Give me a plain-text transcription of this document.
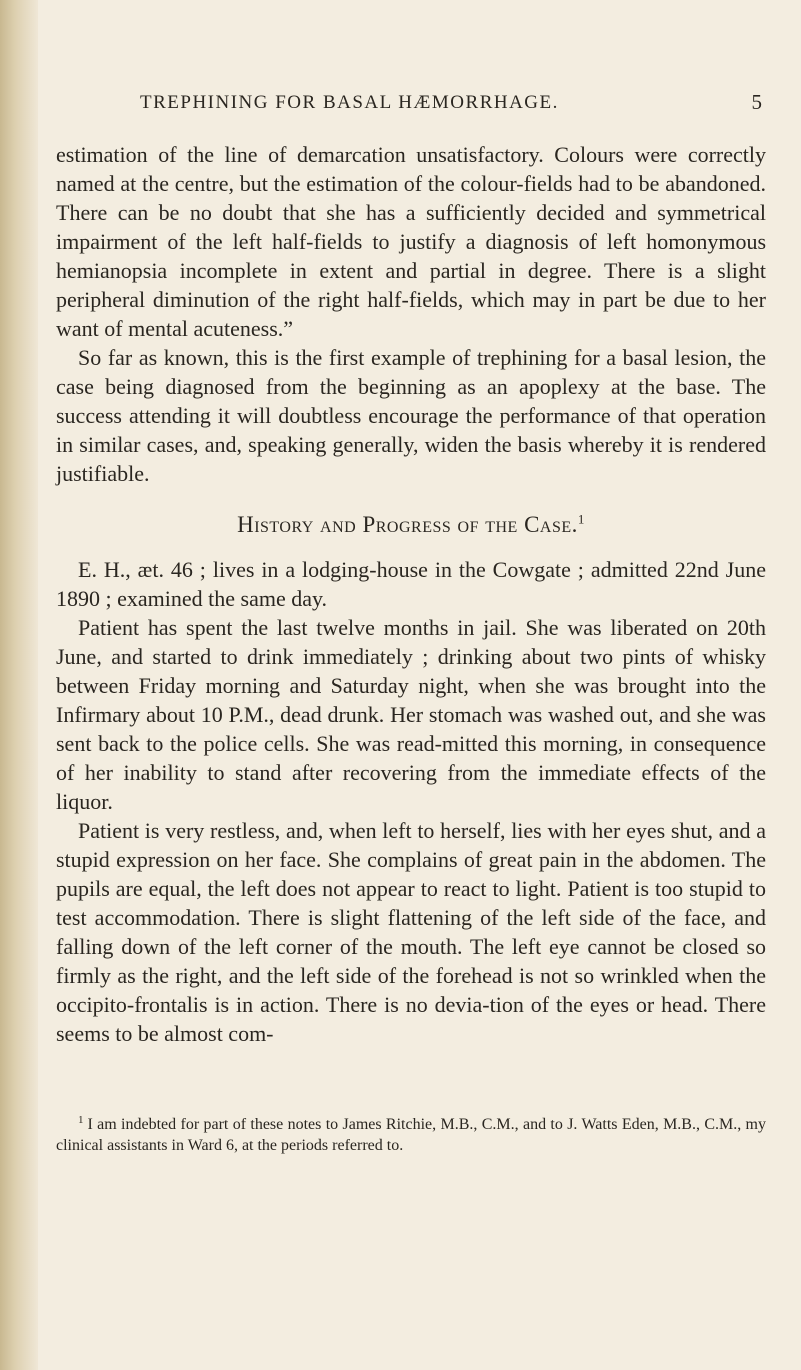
TREPHINING FOR BASAL HÆMORRHAGE.	5

estimation of the line of demarcation unsatisfactory. Colours were correctly named at the centre, but the estimation of the colour-fields had to be abandoned. There can be no doubt that she has a sufficiently decided and symmetrical impairment of the left half-fields to justify a diagnosis of left homonymous hemianopsia incomplete in extent and partial in degree. There is a slight peripheral diminution of the right half-fields, which may in part be due to her want of mental acuteness.”

So far as known, this is the first example of trephining for a basal lesion, the case being diagnosed from the beginning as an apoplexy at the base. The success attending it will doubtless encourage the performance of that operation in similar cases, and, speaking generally, widen the basis whereby it is rendered justifiable.

History and Progress of the Case.$^1$

E. H., æt. 46 ; lives in a lodging-house in the Cowgate ; admitted 22nd June 1890 ; examined the same day.

Patient has spent the last twelve months in jail. She was liberated on 20th June, and started to drink immediately ; drinking about two pints of whisky between Friday morning and Saturday night, when she was brought into the Infirmary about 10 P.M., dead drunk. Her stomach was washed out, and she was sent back to the police cells. She was read-mitted this morning, in consequence of her inability to stand after recovering from the immediate effects of the liquor.

Patient is very restless, and, when left to herself, lies with her eyes shut, and a stupid expression on her face. She complains of great pain in the abdomen. The pupils are equal, the left does not appear to react to light. Patient is too stupid to test accommodation. There is slight flattening of the left side of the face, and falling down of the left corner of the mouth. The left eye cannot be closed so firmly as the right, and the left side of the forehead is not so wrinkled when the occipito-frontalis is in action. There is no devia-tion of the eyes or head. There seems to be almost com-

$^1$ I am indebted for part of these notes to James Ritchie, M.B., C.M., and to J. Watts Eden, M.B., C.M., my clinical assistants in Ward 6, at the periods referred to.
